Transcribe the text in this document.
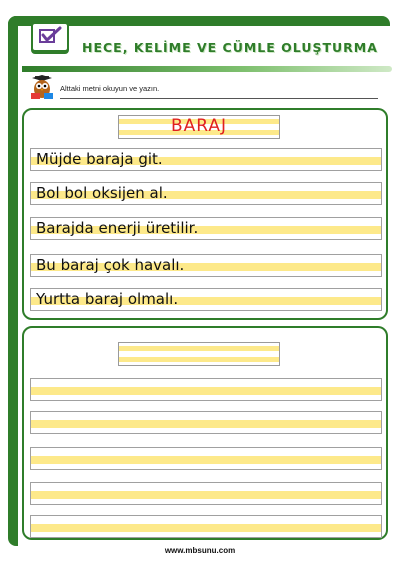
HECE, KELİME VE CÜMLE OLUŞTURMA
Alttaki metni okuyun ve yazın.
BARAJ
Müjde baraja git.
Bol bol oksijen al.
Barajda enerji üretilir.
Bu baraj çok havalı.
Yurtta baraj olmalı.
www.mbsunu.com
